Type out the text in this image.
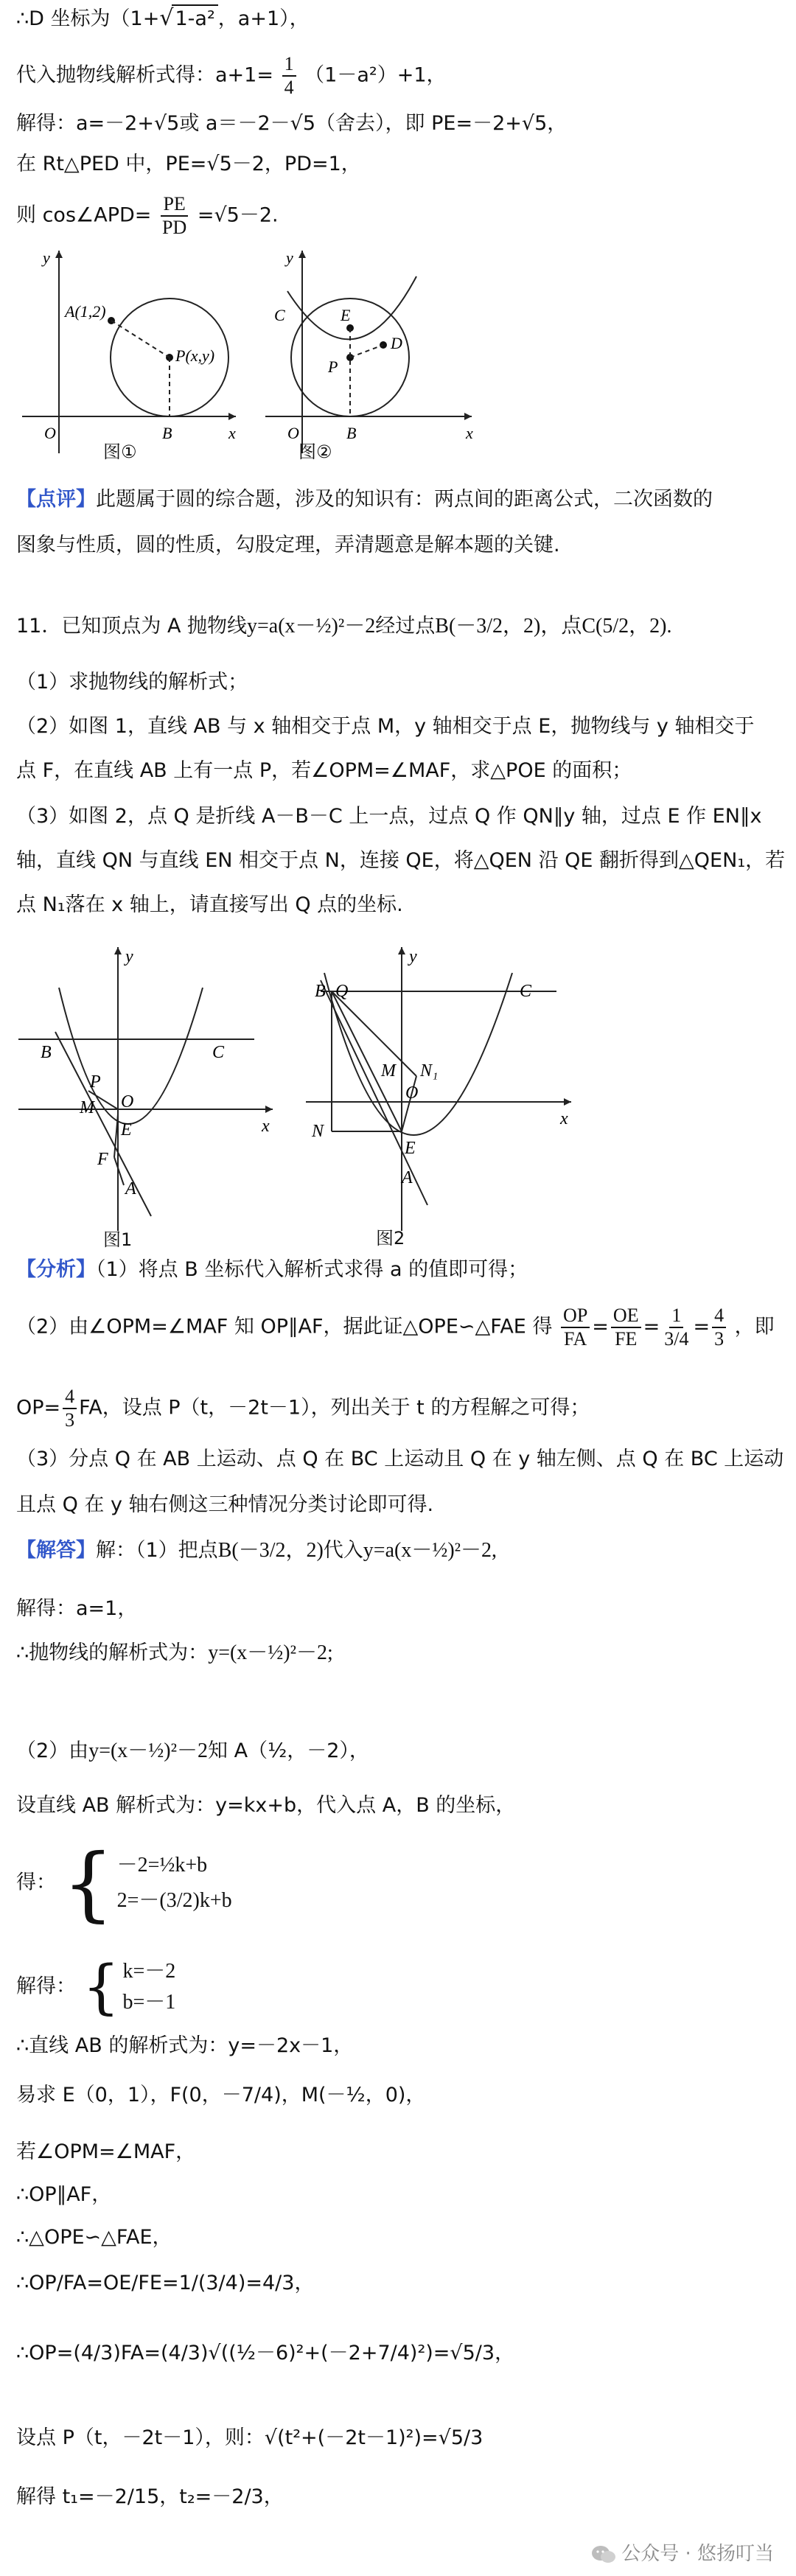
∴D 坐标为（1+√1-a² ，a+1），
代入抛物线解析式得：$a+1= \frac{1}{4} (1-a^2)+1$，
解得：a=－2+√5或 a＝－2－√5（舍去），即 PE=－2+√5，
在 Rt△PED 中，PE=√5－2，PD=1，
则 cos∠APD= $\frac{PE}{PD} =√5-2$.
A(1,2)
P(x,y)
B
O	x
y
图①
C	E
D
P
B
O	x
y
图②
【点评】此题属于圆的综合题，涉及的知识有：两点间的距离公式，二次函数的
图象与性质，圆的性质，勾股定理，弄清题意是解本题的关键.
11．已知顶点为 A 抛物线y=a(x－½)²－2经过点B(－3/2，2)，点C(5/2，2).
（1）求抛物线的解析式；
（2）如图 1，直线 AB 与 x 轴相交于点 M，y 轴相交于点 E，抛物线与 y 轴相交于
点 F，在直线 AB 上有一点 P，若∠OPM=∠MAF，求△POE 的面积；
（3）如图 2，点 Q 是折线 A－B－C 上一点，过点 Q 作 QN∥y 轴，过点 E 作 EN∥x
轴，直线 QN 与直线 EN 相交于点 N，连接 QE，将△QEN 沿 QE 翻折得到△QEN₁，若
点 N₁落在 x 轴上，请直接写出 Q 点的坐标.
B	C
P
M O
E
F
A
x
y
图1
B Q	C
M N₁
O
N
E
A
x
y
图2
【分析】（1）将点 B 坐标代入解析式求得 a 的值即可得；
（2）由∠OPM=∠MAF 知 OP∥AF，据此证△OPE∽△FAE 得 $\frac{OP}{FA} = \frac{OE}{FE} = \frac{1}{3/4} = \frac{4}{3}$ ，即
$OP= \frac{4}{3}$ FA，设点 P（t，－2t－1），列出关于 t 的方程解之可得；
（3）分点 Q 在 AB 上运动、点 Q 在 BC 上运动且 Q 在 y 轴左侧、点 Q 在 BC 上运动
且点 Q 在 y 轴右侧这三种情况分类讨论即可得.
【解答】解：（1）把点B(－3/2，2)代入y=a(x－½)²－2,
解得：a=1，
∴抛物线的解析式为：y=(x－½)²－2;
（2）由y=(x－½)²－2知 A（½，－2），
设直线 AB 解析式为：y=kx+b，代入点 A，B 的坐标，
得： { －2=½k+b
2=－(3/2)k+b
解得： { k=－2
b=－1
∴直线 AB 的解析式为：y=－2x－1，
易求 E（0，1），F(0，－7/4)，M(－½，0)，
若∠OPM=∠MAF，
∴OP∥AF，
∴△OPE∽△FAE，
∴OP/FA=OE/FE=1/(3/4)=4/3，
∴OP=(4/3)FA=(4/3)√((½－6)²+(－2+7/4)²)=√5/3，
设点 P（t，－2t－1），则：√(t²+(－2t－1)²)=√5/3
解得 t₁=－2/15，t₂=－2/3，
公众号 · 悠扬叮当
